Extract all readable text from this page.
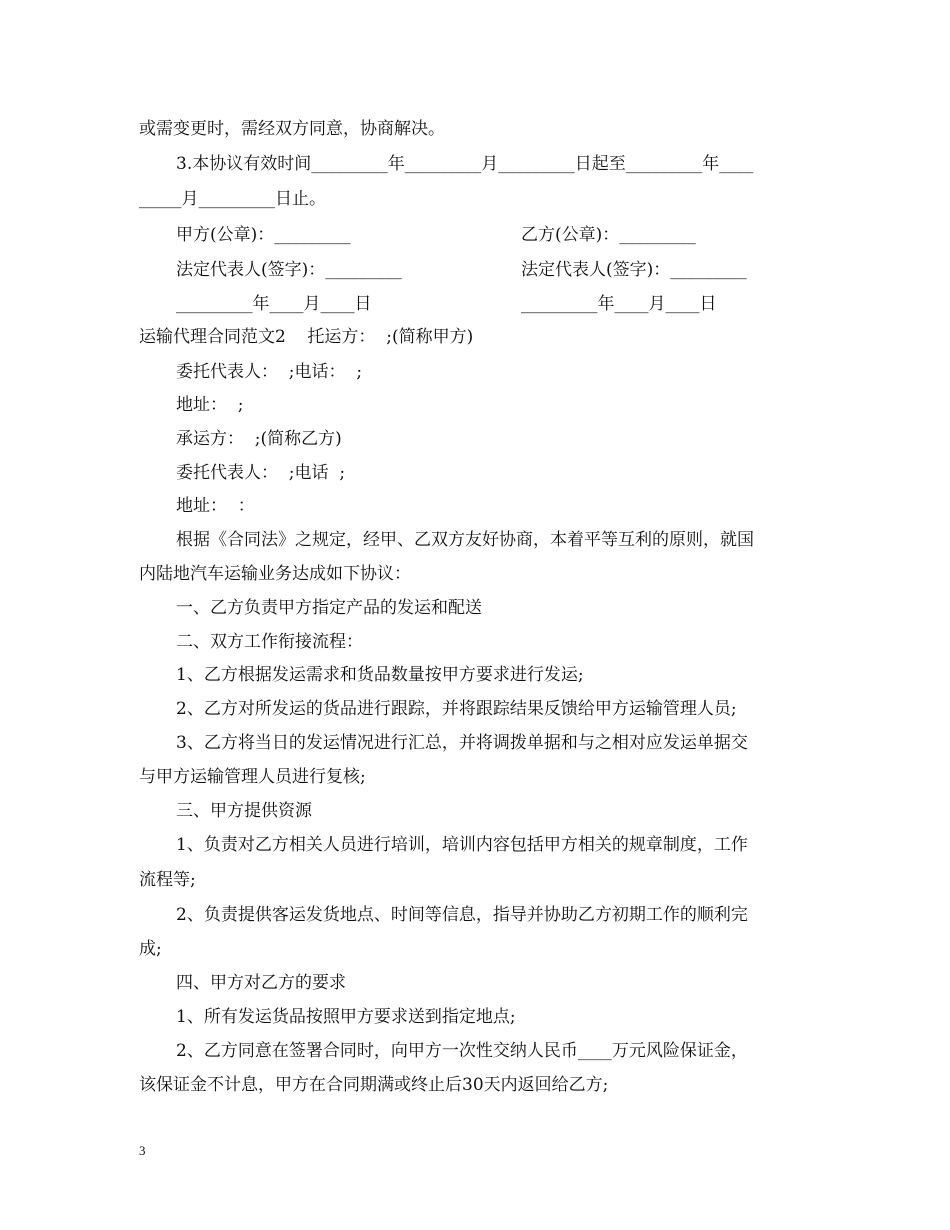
或需变更时，需经双方同意，协商解决。
3.本协议有效时间_________年_________月_________日起至_________年____
_____月_________日止。
甲方(公章)：_________	乙方(公章)：_________
法定代表人(签字)：_________	法定代表人(签字)：_________
_________年____月____日	_________年____月____日
运输代理合同范文2    托运方：  ;(简称甲方)
委托代表人：  ;电话：  ;
地址：  ;
承运方：  ;(简称乙方)
委托代表人：  ;电话  ;
地址：  ：
根据《合同法》之规定，经甲、乙双方友好协商，本着平等互利的原则，就国
内陆地汽车运输业务达成如下协议：
一、乙方负责甲方指定产品的发运和配送
二、双方工作衔接流程：
1、乙方根据发运需求和货品数量按甲方要求进行发运;
2、乙方对所发运的货品进行跟踪，并将跟踪结果反馈给甲方运输管理人员;
3、乙方将当日的发运情况进行汇总，并将调拨单据和与之相对应发运单据交
与甲方运输管理人员进行复核;
三、甲方提供资源
1、负责对乙方相关人员进行培训，培训内容包括甲方相关的规章制度，工作
流程等;
2、负责提供客运发货地点、时间等信息，指导并协助乙方初期工作的顺利完
成;
四、甲方对乙方的要求
1、所有发运货品按照甲方要求送到指定地点;
2、乙方同意在签署合同时，向甲方一次性交纳人民币____万元风险保证金，
该保证金不计息，甲方在合同期满或终止后30天内返回给乙方;
3
